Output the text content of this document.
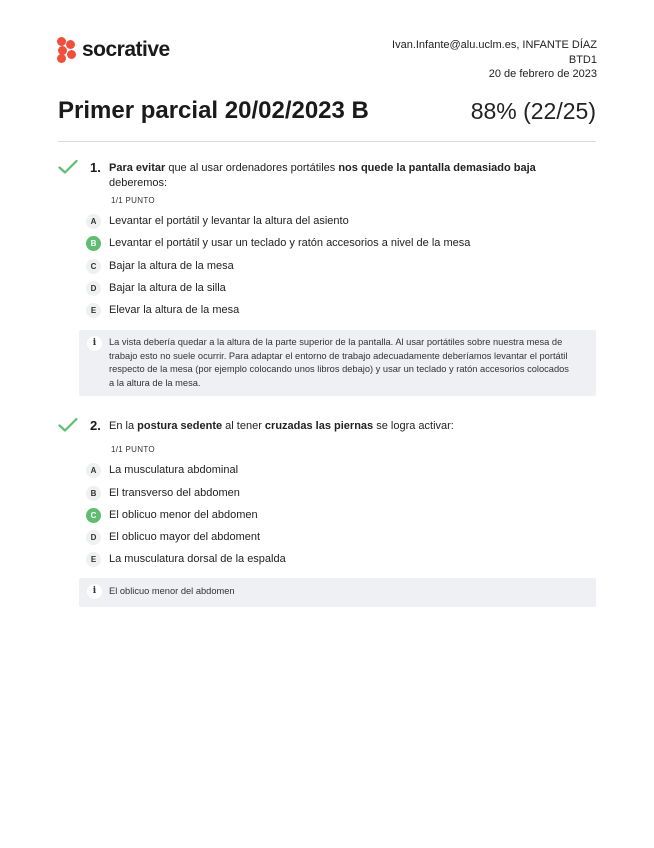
socrative	Ivan.Infante@alu.uclm.es, INFANTE DÍAZ
BTD1
20 de febrero de 2023
Primer parcial 20/02/2023 B	88% (22/25)
1. Para evitar que al usar ordenadores portátiles nos quede la pantalla demasiado baja deberemos:
1/1 PUNTO
A	Levantar el portátil y levantar la altura del asiento
B	Levantar el portátil y usar un teclado y ratón accesorios a nivel de la mesa
C	Bajar la altura de la mesa
D	Bajar la altura de la silla
E	Elevar la altura de la mesa
i	La vista debería quedar a la altura de la parte superior de la pantalla. Al usar portátiles sobre nuestra mesa de trabajo esto no suele ocurrir. Para adaptar el entorno de trabajo adecuadamente deberíamos levantar el portátil respecto de la mesa (por ejemplo colocando unos libros debajo) y usar un teclado y ratón accesorios colocados a la altura de la mesa.
2. En la postura sedente al tener cruzadas las piernas se logra activar:
1/1 PUNTO
A	La musculatura abdominal
B	El transverso del abdomen
C	El oblicuo menor del abdomen
D	El oblicuo mayor del abdoment
E	La musculatura dorsal de la espalda
i	El oblicuo menor del abdomen
